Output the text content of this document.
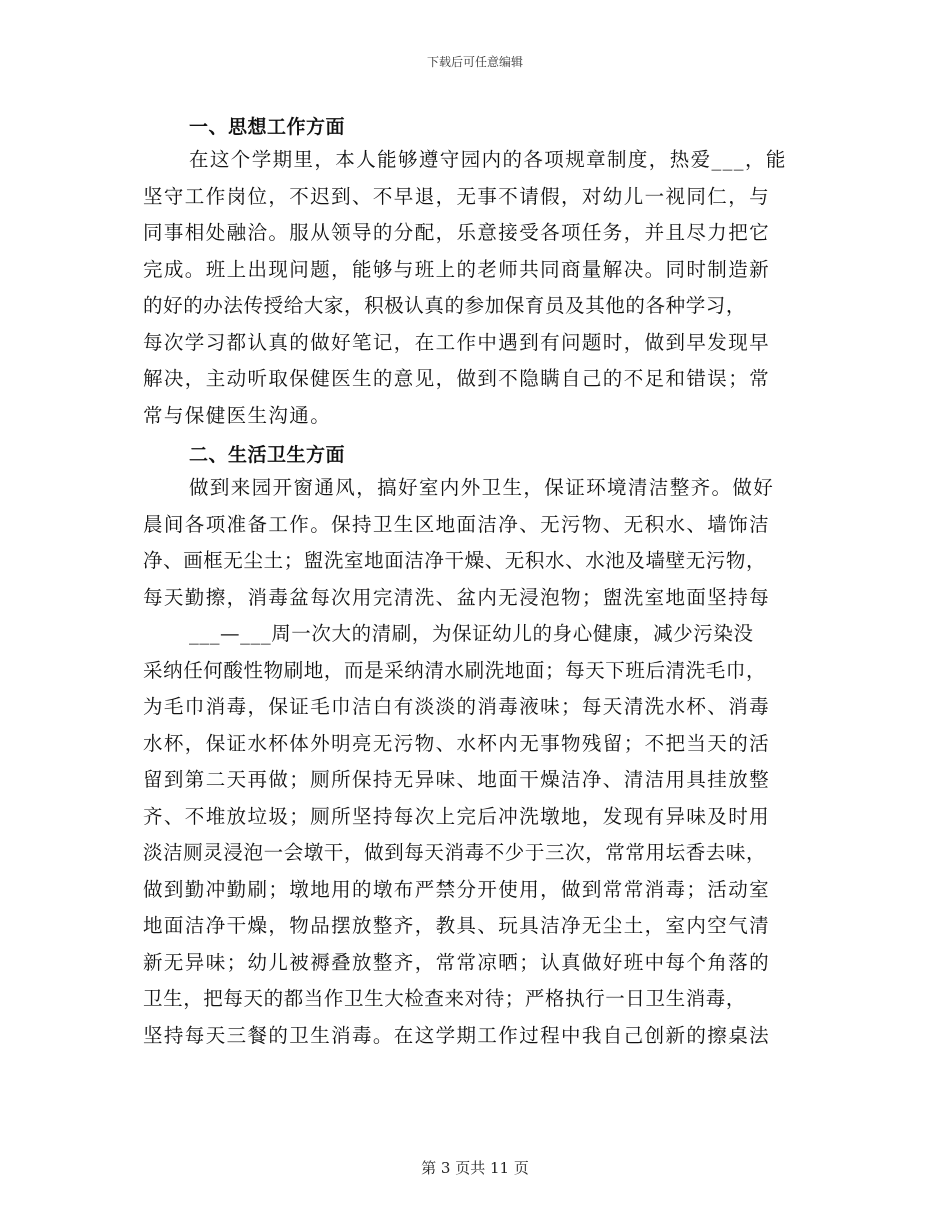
下载后可任意编辑
一、思想工作方面
在这个学期里，本人能够遵守园内的各项规章制度，热爱___，能
坚守工作岗位，不迟到、不早退，无事不请假，对幼儿一视同仁，与
同事相处融洽。服从领导的分配，乐意接受各项任务，并且尽力把它
完成。班上出现问题，能够与班上的老师共同商量解决。同时制造新
的好的办法传授给大家，积极认真的参加保育员及其他的各种学习，
每次学习都认真的做好笔记，在工作中遇到有问题时，做到早发现早
解决，主动听取保健医生的意见，做到不隐瞒自己的不足和错误；常
常与保健医生沟通。
二、生活卫生方面
做到来园开窗通风，搞好室内外卫生，保证环境清洁整齐。做好
晨间各项准备工作。保持卫生区地面洁净、无污物、无积水、墙饰洁
净、画框无尘土；盥洗室地面洁净干燥、无积水、水池及墙壁无污物，
每天勤擦，消毒盆每次用完清洗、盆内无浸泡物；盥洗室地面坚持每
___—___周一次大的清刷，为保证幼儿的身心健康，减少污染没
采纳任何酸性物刷地，而是采纳清水刷洗地面；每天下班后清洗毛巾，
为毛巾消毒，保证毛巾洁白有淡淡的消毒液味；每天清洗水杯、消毒
水杯，保证水杯体外明亮无污物、水杯内无事物残留；不把当天的活
留到第二天再做；厕所保持无异味、地面干燥洁净、清洁用具挂放整
齐、不堆放垃圾；厕所坚持每次上完后冲洗墩地，发现有异味及时用
淡洁厕灵浸泡一会墩干，做到每天消毒不少于三次，常常用坛香去味，
做到勤冲勤刷；墩地用的墩布严禁分开使用，做到常常消毒；活动室
地面洁净干燥，物品摆放整齐，教具、玩具洁净无尘土，室内空气清
新无异味；幼儿被褥叠放整齐，常常凉晒；认真做好班中每个角落的
卫生，把每天的都当作卫生大检查来对待；严格执行一日卫生消毒，
坚持每天三餐的卫生消毒。在这学期工作过程中我自己创新的擦桌法
第 3 页共 11 页
